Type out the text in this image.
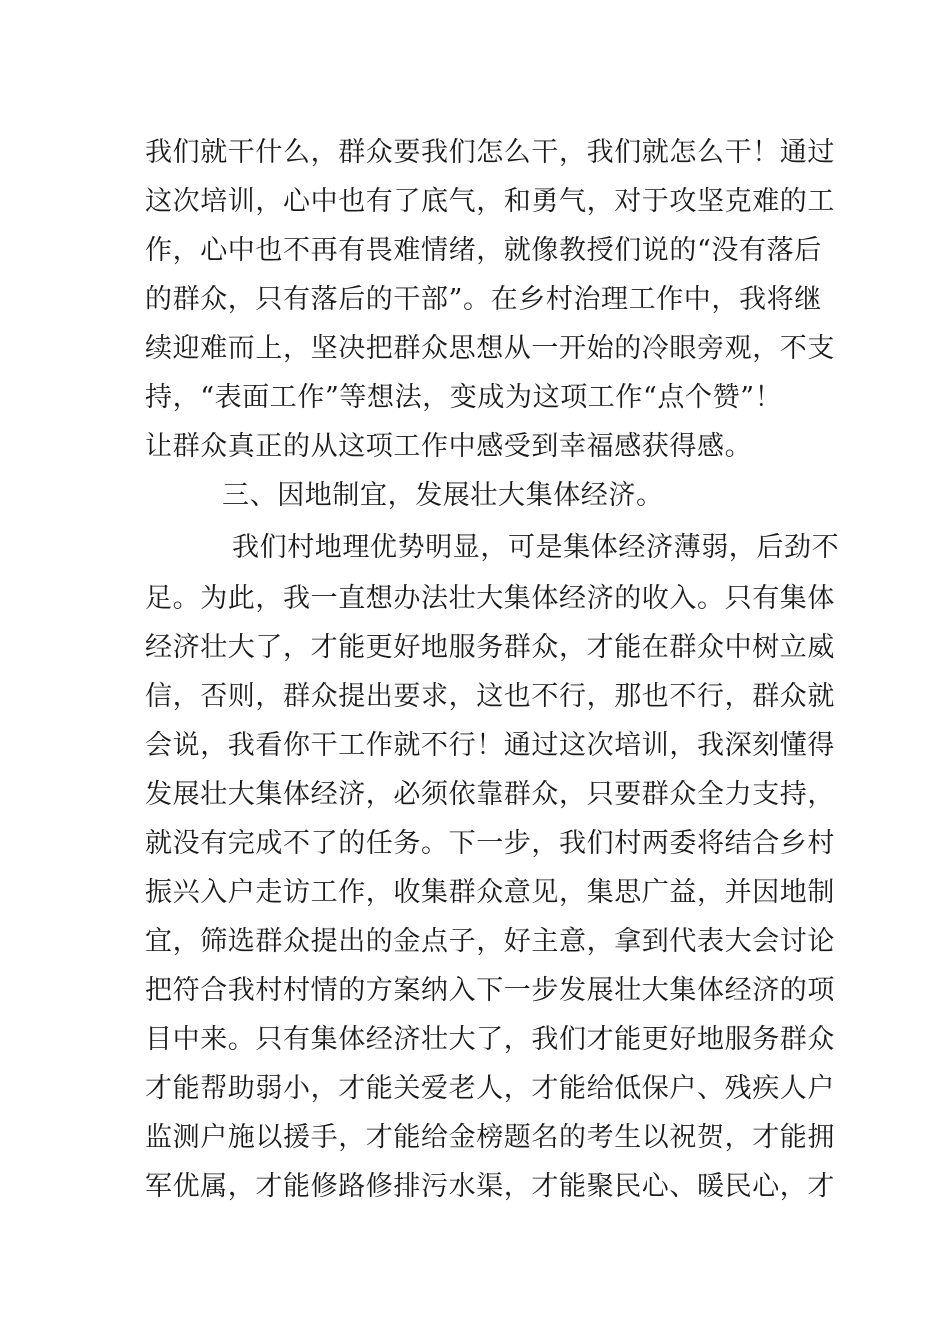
我们就干什么，群众要我们怎么干，我们就怎么干！通过
这次培训，心中也有了底气，和勇气，对于攻坚克难的工
作，心中也不再有畏难情绪，就像教授们说的“没有落后
的群众，只有落后的干部”。在乡村治理工作中，我将继
续迎难而上，坚决把群众思想从一开始的冷眼旁观，不支
持，“表面工作”等想法，变成为这项工作“点个赞”！
让群众真正的从这项工作中感受到幸福感获得感。
三、因地制宜，发展壮大集体经济。
我们村地理优势明显，可是集体经济薄弱，后劲不
足。为此，我一直想办法壮大集体经济的收入。只有集体
经济壮大了，才能更好地服务群众，才能在群众中树立威
信，否则，群众提出要求，这也不行，那也不行，群众就
会说，我看你干工作就不行！通过这次培训，我深刻懂得
发展壮大集体经济，必须依靠群众，只要群众全力支持，
就没有完成不了的任务。下一步，我们村两委将结合乡村
振兴入户走访工作，收集群众意见，集思广益，并因地制
宜，筛选群众提出的金点子，好主意，拿到代表大会讨论
把符合我村村情的方案纳入下一步发展壮大集体经济的项
目中来。只有集体经济壮大了，我们才能更好地服务群众
才能帮助弱小，才能关爱老人，才能给低保户、残疾人户
监测户施以援手，才能给金榜题名的考生以祝贺，才能拥
军优属，才能修路修排污水渠，才能聚民心、暖民心，才
